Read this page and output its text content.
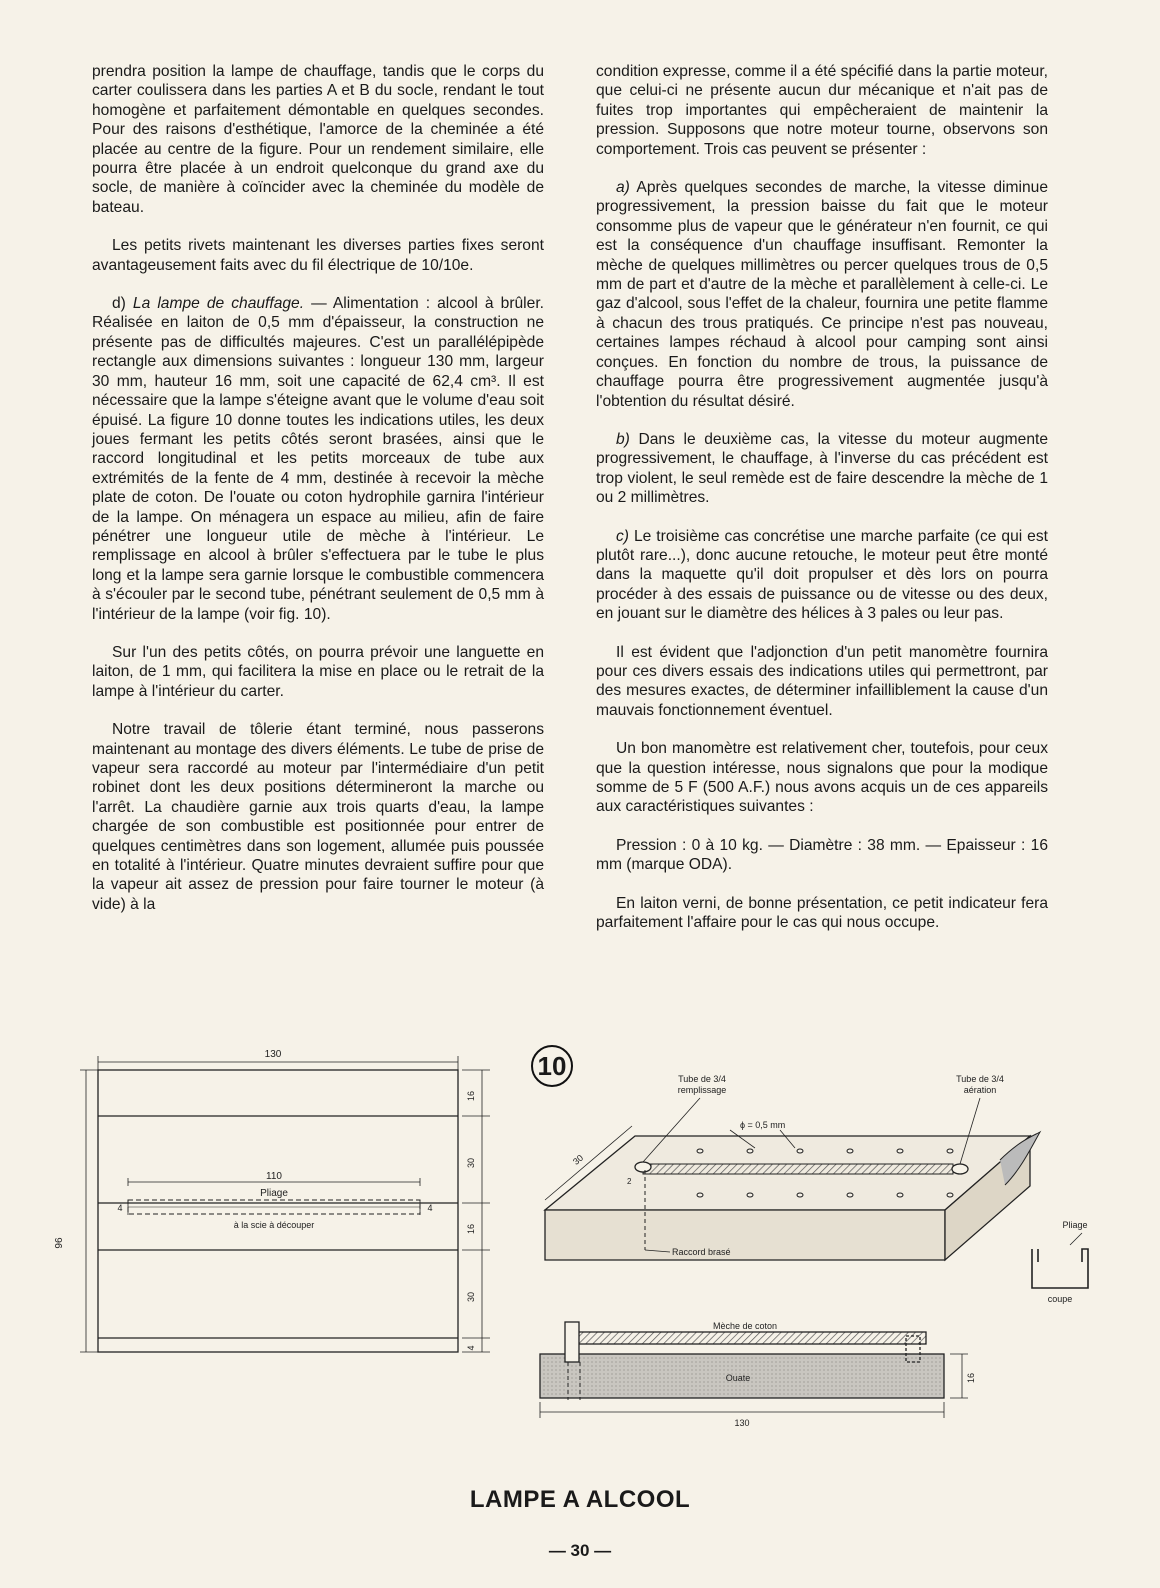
prendra position la lampe de chauffage, tandis que le corps du carter coulissera dans les parties A et B du socle, rendant le tout homogène et parfaitement démontable en quelques secondes. Pour des raisons d'esthétique, l'amorce de la cheminée a été placée au centre de la figure. Pour un rendement similaire, elle pourra être placée à un endroit quelconque du grand axe du socle, de manière à coïncider avec la cheminée du modèle de bateau.

Les petits rivets maintenant les diverses parties fixes seront avantageusement faits avec du fil électrique de 10/10e.

d) La lampe de chauffage. — Alimentation : alcool à brûler. Réalisée en laiton de 0,5 mm d'épaisseur, la construction ne présente pas de difficultés majeures. C'est un parallélépipède rectangle aux dimensions suivantes : longueur 130 mm, largeur 30 mm, hauteur 16 mm, soit une capacité de 62,4 cm³. Il est nécessaire que la lampe s'éteigne avant que le volume d'eau soit épuisé. La figure 10 donne toutes les indications utiles, les deux joues fermant les petits côtés seront brasées, ainsi que le raccord longitudinal et les petits morceaux de tube aux extrémités de la fente de 4 mm, destinée à recevoir la mèche plate de coton. De l'ouate ou coton hydrophile garnira l'intérieur de la lampe. On ménagera un espace au milieu, afin de faire pénétrer une longueur utile de mèche à l'intérieur. Le remplissage en alcool à brûler s'effectuera par le tube le plus long et la lampe sera garnie lorsque le combustible commencera à s'écouler par le second tube, pénétrant seulement de 0,5 mm à l'intérieur de la lampe (voir fig. 10).

Sur l'un des petits côtés, on pourra prévoir une languette en laiton, de 1 mm, qui facilitera la mise en place ou le retrait de la lampe à l'intérieur du carter.

Notre travail de tôlerie étant terminé, nous passerons maintenant au montage des divers éléments. Le tube de prise de vapeur sera raccordé au moteur par l'intermédiaire d'un petit robinet dont les deux positions détermineront la marche ou l'arrêt. La chaudière garnie aux trois quarts d'eau, la lampe chargée de son combustible est positionnée pour entrer de quelques centimètres dans son logement, allumée puis poussée en totalité à l'intérieur. Quatre minutes devraient suffire pour que la vapeur ait assez de pression pour faire tourner le moteur (à vide) à la

condition expresse, comme il a été spécifié dans la partie moteur, que celui-ci ne présente aucun dur mécanique et n'ait pas de fuites trop importantes qui empêcheraient de maintenir la pression. Supposons que notre moteur tourne, observons son comportement. Trois cas peuvent se présenter :

a) Après quelques secondes de marche, la vitesse diminue progressivement, la pression baisse du fait que le moteur consomme plus de vapeur que le générateur n'en fournit, ce qui est la conséquence d'un chauffage insuffisant. Remonter la mèche de quelques millimètres ou percer quelques trous de 0,5 mm de part et d'autre de la mèche et parallèlement à celle-ci. Le gaz d'alcool, sous l'effet de la chaleur, fournira une petite flamme à chacun des trous pratiqués. Ce principe n'est pas nouveau, certaines lampes réchaud à alcool pour camping sont ainsi conçues. En fonction du nombre de trous, la puissance de chauffage pourra être progressivement augmentée jusqu'à l'obtention du résultat désiré.

b) Dans le deuxième cas, la vitesse du moteur augmente progressivement, le chauffage, à l'inverse du cas précédent est trop violent, le seul remède est de faire descendre la mèche de 1 ou 2 millimètres.

c) Le troisième cas concrétise une marche parfaite (ce qui est plutôt rare...), donc aucune retouche, le moteur peut être monté dans la maquette qu'il doit propulser et dès lors on pourra procéder à des essais de puissance ou de vitesse ou des deux, en jouant sur le diamètre des hélices à 3 pales ou leur pas.

Il est évident que l'adjonction d'un petit manomètre fournira pour ces divers essais des indications utiles qui permettront, par des mesures exactes, de déterminer infailliblement la cause d'un mauvais fonctionnement éventuel.

Un bon manomètre est relativement cher, toutefois, pour ceux que la question intéresse, nous signalons que pour la modique somme de 5 F (500 A.F.) nous avons acquis un de ces appareils aux caractéristiques suivantes :

Pression : 0 à 10 kg. — Diamètre : 38 mm. — Epaisseur : 16 mm (marque ODA).

En laiton verni, de bonne présentation, ce petit indicateur fera parfaitement l'affaire pour le cas qui nous occupe.

10
130
110
Pliage
à la scie à découper
4	4
96
16
30
16
30
4
Tube de 3/4 remplissage
Tube de 3/4 aération
ϕ = 0,5 mm
30
2
Raccord brasé
Pliage
coupe
Mèche de coton
Ouate	16
130
LAMPE A ALCOOL
— 30 —
